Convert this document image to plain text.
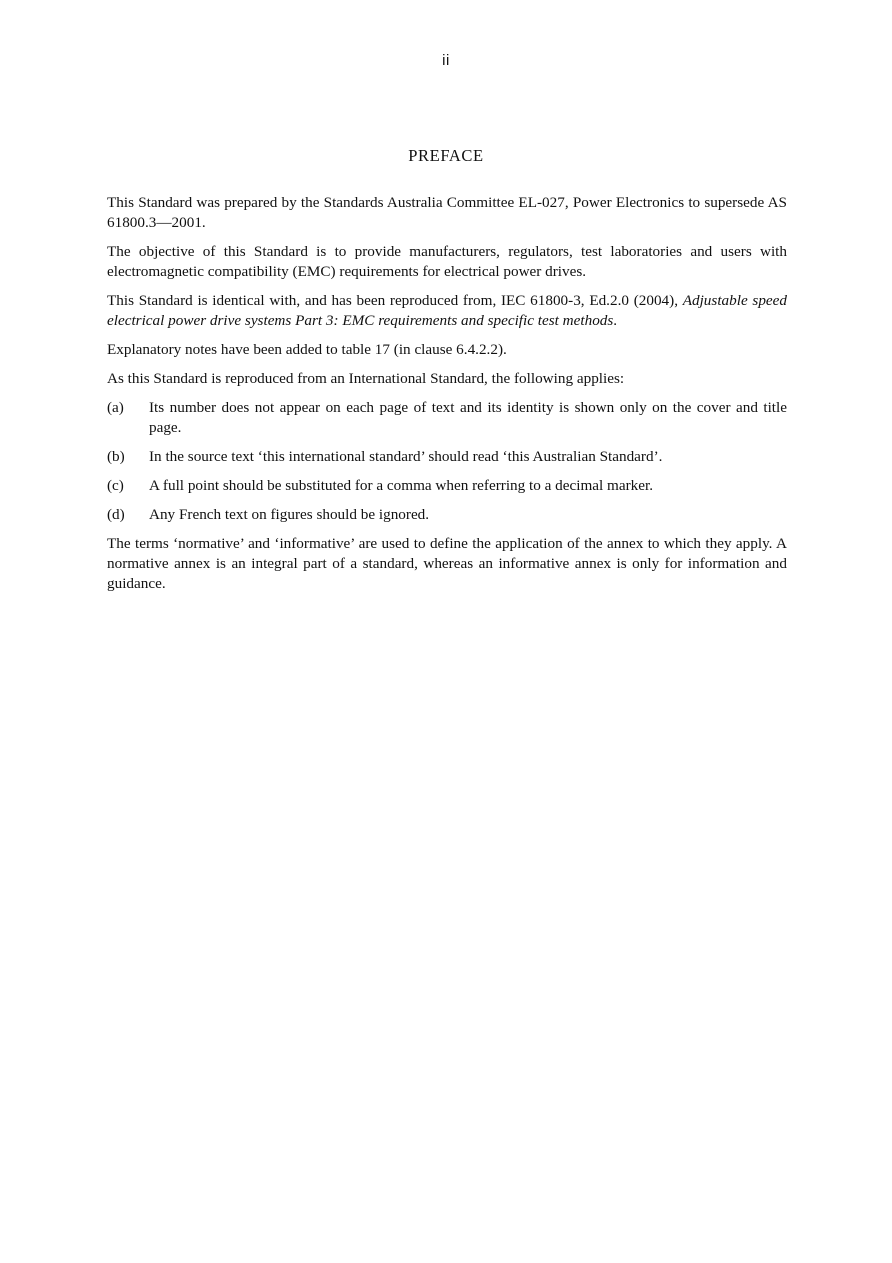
ii
PREFACE

This Standard was prepared by the Standards Australia Committee EL-027, Power Electronics to supersede AS 61800.3—2001.

The objective of this Standard is to provide manufacturers, regulators, test laboratories and users with electromagnetic compatibility (EMC) requirements for electrical power drives.

This Standard is identical with, and has been reproduced from, IEC 61800-3, Ed.2.0 (2004), Adjustable speed electrical power drive systems Part 3: EMC requirements and specific test methods.

Explanatory notes have been added to table 17 (in clause 6.4.2.2).

As this Standard is reproduced from an International Standard, the following applies:

(a)	Its number does not appear on each page of text and its identity is shown only on the cover and title page.
(b)	In the source text ‘this international standard’ should read ‘this Australian Standard’.
(c)	A full point should be substituted for a comma when referring to a decimal marker.
(d)	Any French text on figures should be ignored.

The terms ‘normative’ and ‘informative’ are used to define the application of the annex to which they apply. A normative annex is an integral part of a standard, whereas an informative annex is only for information and guidance.
